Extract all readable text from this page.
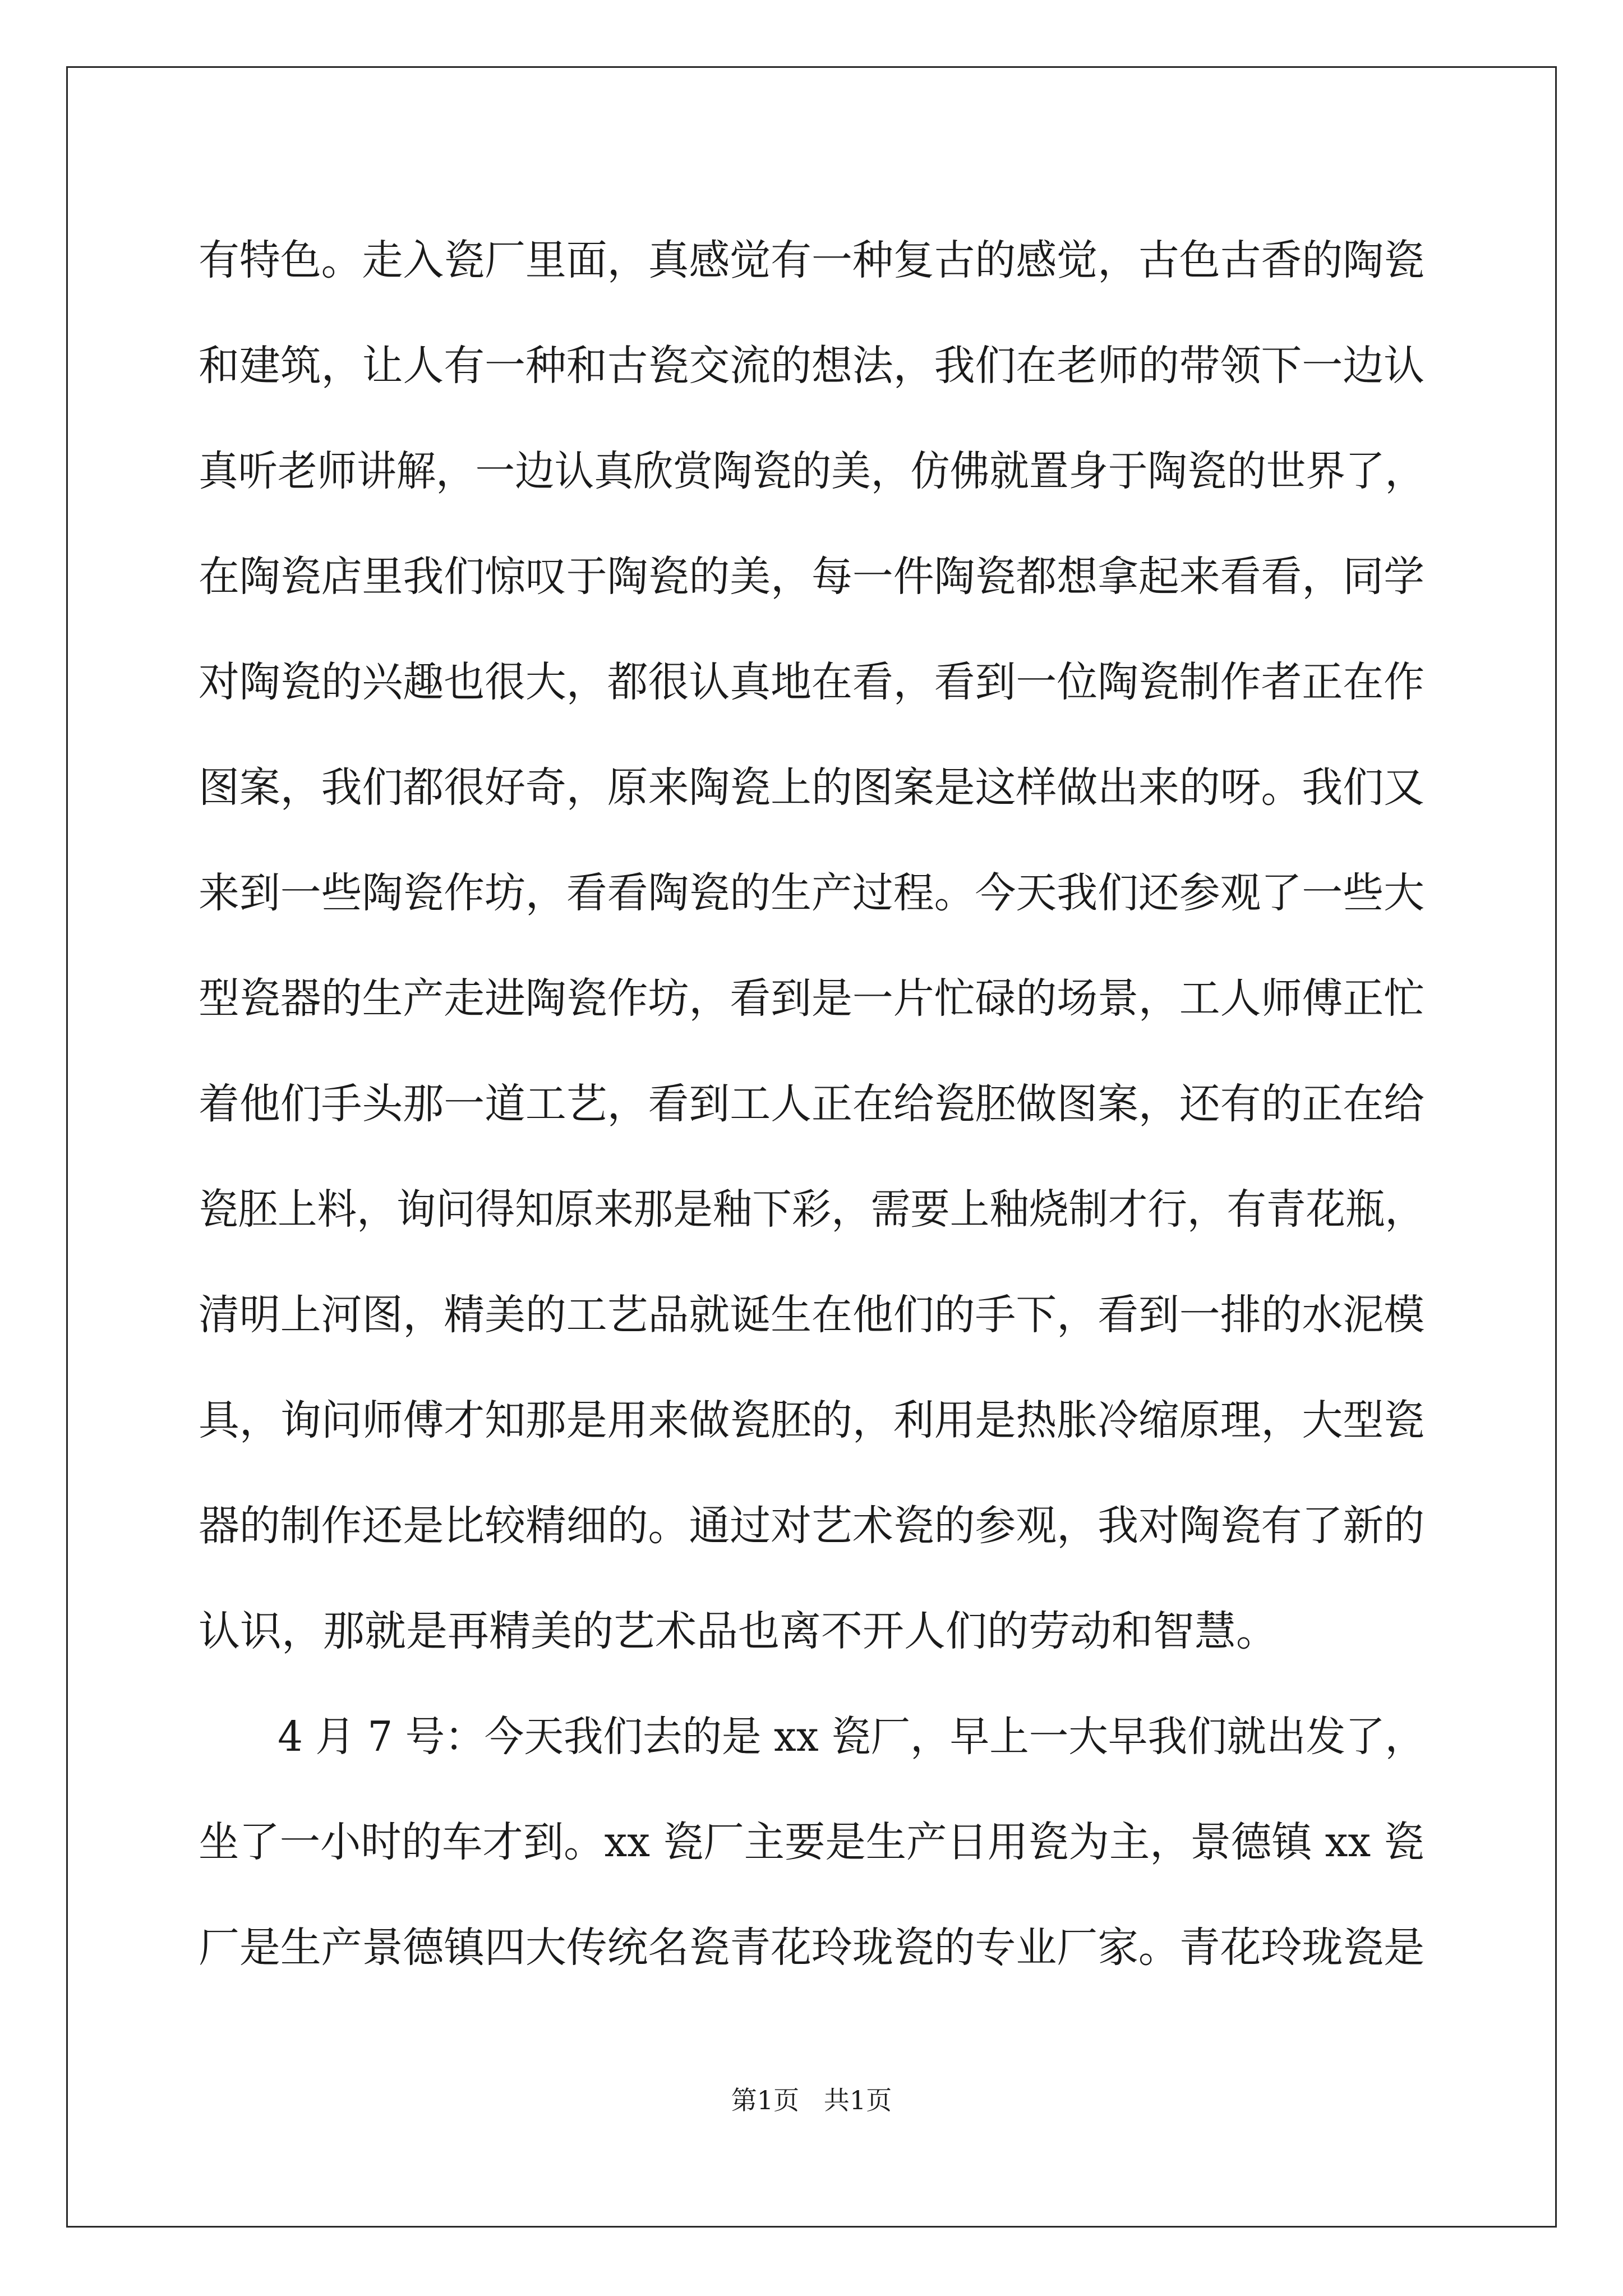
有特色。走入瓷厂里面，真感觉有一种复古的感觉，古色古香的陶瓷
和建筑，让人有一种和古瓷交流的想法，我们在老师的带领下一边认
真听老师讲解，一边认真欣赏陶瓷的美，仿佛就置身于陶瓷的世界了，
在陶瓷店里我们惊叹于陶瓷的美，每一件陶瓷都想拿起来看看，同学
对陶瓷的兴趣也很大，都很认真地在看，看到一位陶瓷制作者正在作
图案，我们都很好奇，原来陶瓷上的图案是这样做出来的呀。我们又
来到一些陶瓷作坊，看看陶瓷的生产过程。今天我们还参观了一些大
型瓷器的生产走进陶瓷作坊，看到是一片忙碌的场景，工人师傅正忙
着他们手头那一道工艺，看到工人正在给瓷胚做图案，还有的正在给
瓷胚上料，询问得知原来那是釉下彩，需要上釉烧制才行，有青花瓶，
清明上河图，精美的工艺品就诞生在他们的手下，看到一排的水泥模
具，询问师傅才知那是用来做瓷胚的，利用是热胀冷缩原理，大型瓷
器的制作还是比较精细的。通过对艺术瓷的参观，我对陶瓷有了新的
认识，那就是再精美的艺术品也离不开人们的劳动和智慧。
　　4 月 7 号：今天我们去的是 xx 瓷厂，早上一大早我们就出发了，
坐了一小时的车才到。xx 瓷厂主要是生产日用瓷为主，景德镇 xx 瓷
厂是生产景德镇四大传统名瓷青花玲珑瓷的专业厂家。青花玲珑瓷是
第1页   共1页
